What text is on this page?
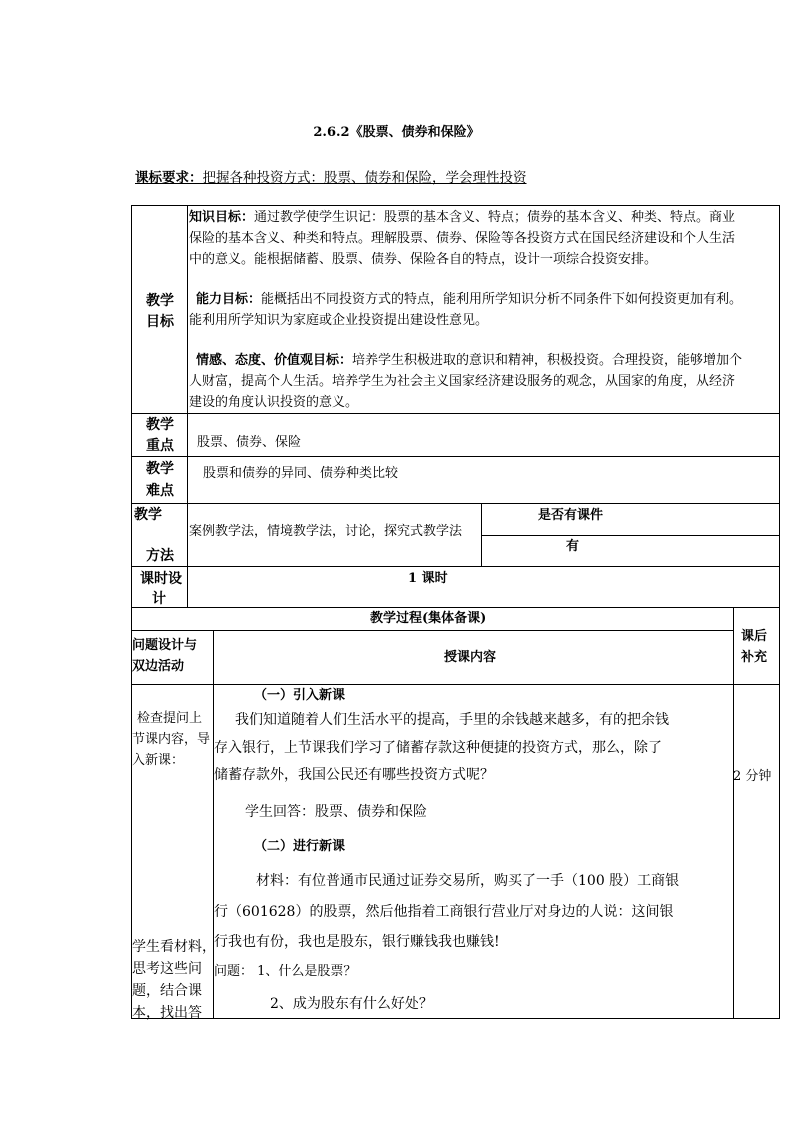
2.6.2《股票、债券和保险》
课标要求：把握各种投资方式：股票、债券和保险，学会理性投资
教学
目标
知识目标：通过教学使学生识记：股票的基本含义、特点；债券的基本含义、种类、特点。商业
保险的基本含义、种类和特点。理解股票、债券、保险等各投资方式在国民经济建设和个人生活
中的意义。能根据储蓄、股票、债券、保险各自的特点，设计一项综合投资安排。
能力目标：能概括出不同投资方式的特点，能利用所学知识分析不同条件下如何投资更加有利。
能利用所学知识为家庭或企业投资提出建设性意见。
情感、态度、价值观目标：培养学生积极进取的意识和精神，积极投资。合理投资，能够增加个
人财富，提高个人生活。培养学生为社会主义国家经济建设服务的观念，从国家的角度，从经济
建设的角度认识投资的意义。
教学
重点 股票、债券、保险
教学
难点
股票和债券的异同、债券种类比较
教学
方法
案例教学法，情境教学法，讨论，探究式教学法
是否有课件
有
课时设
计
1 课时
教学过程(集体备课)
问题设计与
双边活动
授课内容
课后
补充
检查提问上
节课内容，导
入新课：
学生看材料，
思考这些问
题，结合课
本，找出答
（一）引入新课
我们知道随着人们生活水平的提高，手里的余钱越来越多，有的把余钱
存入银行，上节课我们学习了储蓄存款这种便捷的投资方式，那么，除了
储蓄存款外，我国公民还有哪些投资方式呢？
学生回答：股票、债券和保险
（二）进行新课
材料：有位普通市民通过证券交易所，购买了一手（100 股）工商银
行（601628）的股票，然后他指着工商银行营业厅对身边的人说：这间银
行我也有份，我也是股东，银行赚钱我也赚钱!
问题： 1、什么是股票？
2、成为股东有什么好处？
2 分钟
